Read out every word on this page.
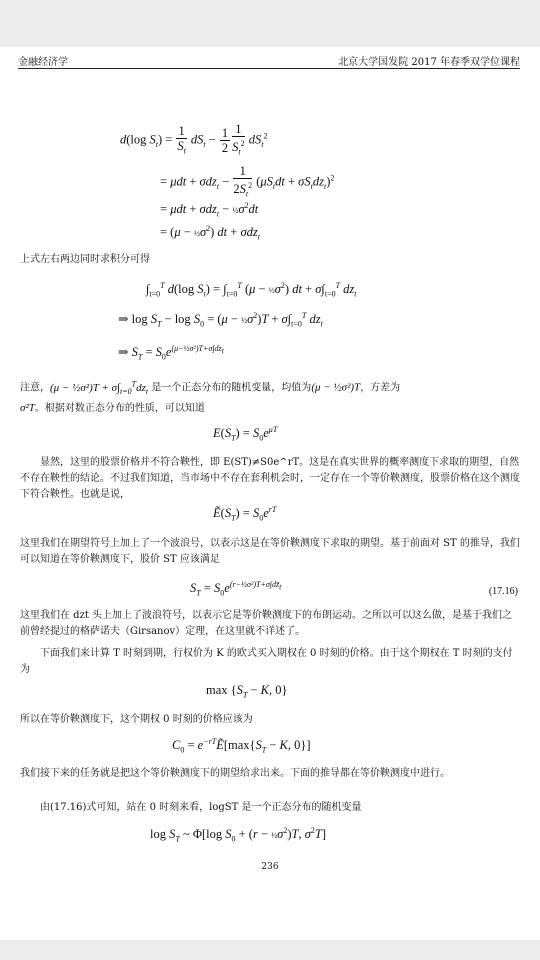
金融经济学	北京大学国发院 2017 年春季双学位课程
d(log $S_t) = \frac{1}{S_t} dS_t - \frac{1}{2} \frac{1}{S_t^2} dS_t^2$
= $\mu dt + \sigma dz_t - \frac{1}{2S_t^2} (\mu S_tdt + \sigma S_tdz_t)^2$
= $\mu dt + \sigma dz_t - \frac{1}{2}\sigma^2dt$
= $(\mu - \frac{1}{2}\sigma^2)$ dt + σdz$_t$
上式左右两边同时求积分可得
$\int_{t=0}^T$ d(log $S_t) = \int_{t=0}^T$ $(\mu - \frac{1}{2}\sigma^2)$ dt + $\sigma\int_{t=0}^T$ $dz_t$
⇒ $\log S_T - \log S_0 = (\mu$ − $\frac{1}{2}\sigma^2)T + \sigma\int_{t=0}^T$ $dz_t$
⇒ $S_T = S_0e^{(\mu-\frac{1}{2}\sigma^2)T+\sigma\int dz_t}$
注意，(μ − ½σ²)T + $\sigma\int_{t=0}^Tdz_t$ 是一个正态分布的随机变量，均值为(μ − ½σ²)T，方差为
σ²T。根据对数正态分布的性质，可以知道
$E(S_T) = S_0e^{\mu T}$
显然，这里的股票价格并不符合鞅性，即 E(ST)≠S0e^rT。这是在真实世界的概率测度下求取的期望，自然不存在鞅性的结论。不过我们知道，当市场中不存在套利机会时，一定存在一个等价鞅测度，股票价格在这个测度下符合鞅性。也就是说，
$Ẽ(S_T) = S_0e^{rT}$
这里我们在期望符号上加上了一个波浪号，以表示这是在等价鞅测度下求取的期望。基于前面对 ST 的推导，我们可以知道在等价鞅测度下，股价 ST 应该满足
$S_T = S_0e^{(r-\frac{1}{2}\sigma^2)T+\sigma\int dz̃_t}$	(17.16)
这里我们在 dzt 头上加上了波浪符号，以表示它是等价鞅测度下的布朗运动。之所以可以这么做，是基于我们之前曾经提过的格萨诺夫（Girsanov）定理，在这里就不详述了。
下面我们来计算 T 时刻到期，行权价为 K 的欧式买入期权在 0 时刻的价格。由于这个期权在 T 时刻的支付为
$\max \{S_T - K$, 0}
所以在等价鞅测度下，这个期权 0 时刻的价格应该为
$C_0$ = $e^{-rT}Ẽ[\max\{S_T - K$, 0}]
我们接下来的任务就是把这个等价鞅测度下的期望给求出来。下面的推导都在等价鞅测度中进行。
由(17.16)式可知，站在 0 时刻来看，logST 是一个正态分布的随机变量
$\log S_T$ ~ Φ[log $S_0 + (r$ − $\frac{1}{2}\sigma^2)T$, $\sigma^2T$]
236
